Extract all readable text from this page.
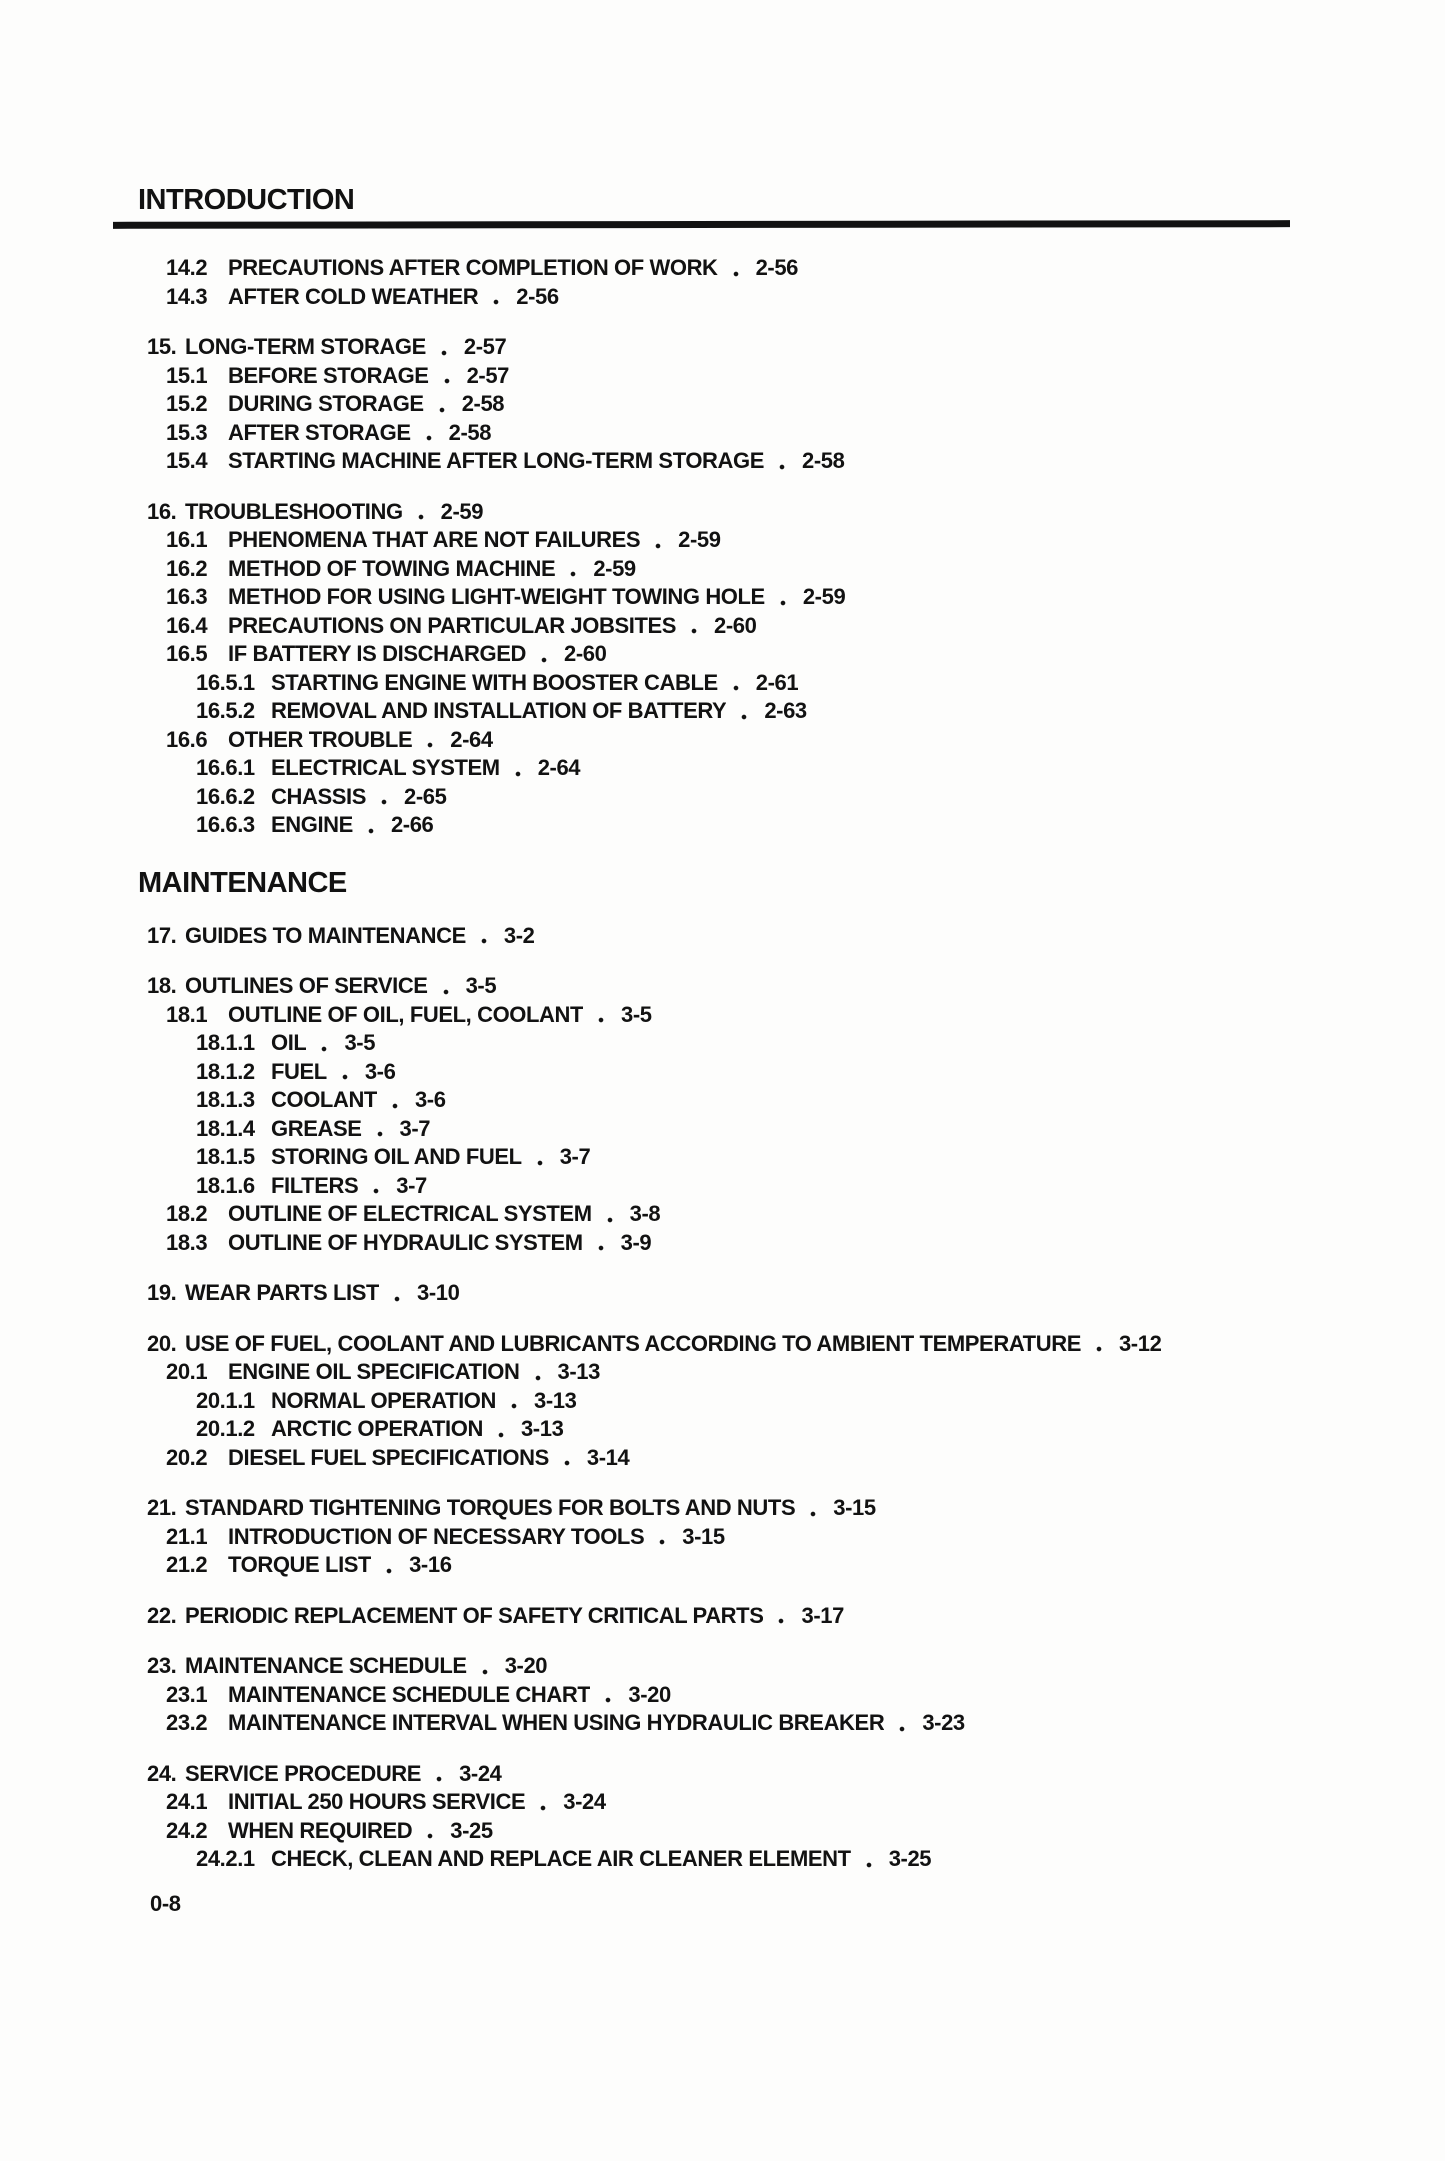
INTRODUCTION
14.2 PRECAUTIONS AFTER COMPLETION OF WORK 2-56
14.3 AFTER COLD WEATHER 2-56
15. LONG-TERM STORAGE 2-57
15.1 BEFORE STORAGE 2-57
15.2 DURING STORAGE 2-58
15.3 AFTER STORAGE 2-58
15.4 STARTING MACHINE AFTER LONG-TERM STORAGE 2-58
16. TROUBLESHOOTING 2-59
16.1 PHENOMENA THAT ARE NOT FAILURES 2-59
16.2 METHOD OF TOWING MACHINE 2-59
16.3 METHOD FOR USING LIGHT-WEIGHT TOWING HOLE 2-59
16.4 PRECAUTIONS ON PARTICULAR JOBSITES 2-60
16.5 IF BATTERY IS DISCHARGED 2-60
16.5.1 STARTING ENGINE WITH BOOSTER CABLE 2-61
16.5.2 REMOVAL AND INSTALLATION OF BATTERY 2-63
16.6 OTHER TROUBLE 2-64
16.6.1 ELECTRICAL SYSTEM 2-64
16.6.2 CHASSIS 2-65
16.6.3 ENGINE 2-66
MAINTENANCE
17. GUIDES TO MAINTENANCE 3-2
18. OUTLINES OF SERVICE 3-5
18.1 OUTLINE OF OIL, FUEL, COOLANT 3-5
18.1.1 OIL 3-5
18.1.2 FUEL 3-6
18.1.3 COOLANT 3-6
18.1.4 GREASE 3-7
18.1.5 STORING OIL AND FUEL 3-7
18.1.6 FILTERS 3-7
18.2 OUTLINE OF ELECTRICAL SYSTEM 3-8
18.3 OUTLINE OF HYDRAULIC SYSTEM 3-9
19. WEAR PARTS LIST 3-10
20. USE OF FUEL, COOLANT AND LUBRICANTS ACCORDING TO AMBIENT TEMPERATURE 3-12
20.1 ENGINE OIL SPECIFICATION 3-13
20.1.1 NORMAL OPERATION 3-13
20.1.2 ARCTIC OPERATION 3-13
20.2 DIESEL FUEL SPECIFICATIONS 3-14
21. STANDARD TIGHTENING TORQUES FOR BOLTS AND NUTS 3-15
21.1 INTRODUCTION OF NECESSARY TOOLS 3-15
21.2 TORQUE LIST 3-16
22. PERIODIC REPLACEMENT OF SAFETY CRITICAL PARTS 3-17
23. MAINTENANCE SCHEDULE 3-20
23.1 MAINTENANCE SCHEDULE CHART 3-20
23.2 MAINTENANCE INTERVAL WHEN USING HYDRAULIC BREAKER 3-23
24. SERVICE PROCEDURE 3-24
24.1 INITIAL 250 HOURS SERVICE 3-24
24.2 WHEN REQUIRED 3-25
24.2.1 CHECK, CLEAN AND REPLACE AIR CLEANER ELEMENT 3-25
0-8
